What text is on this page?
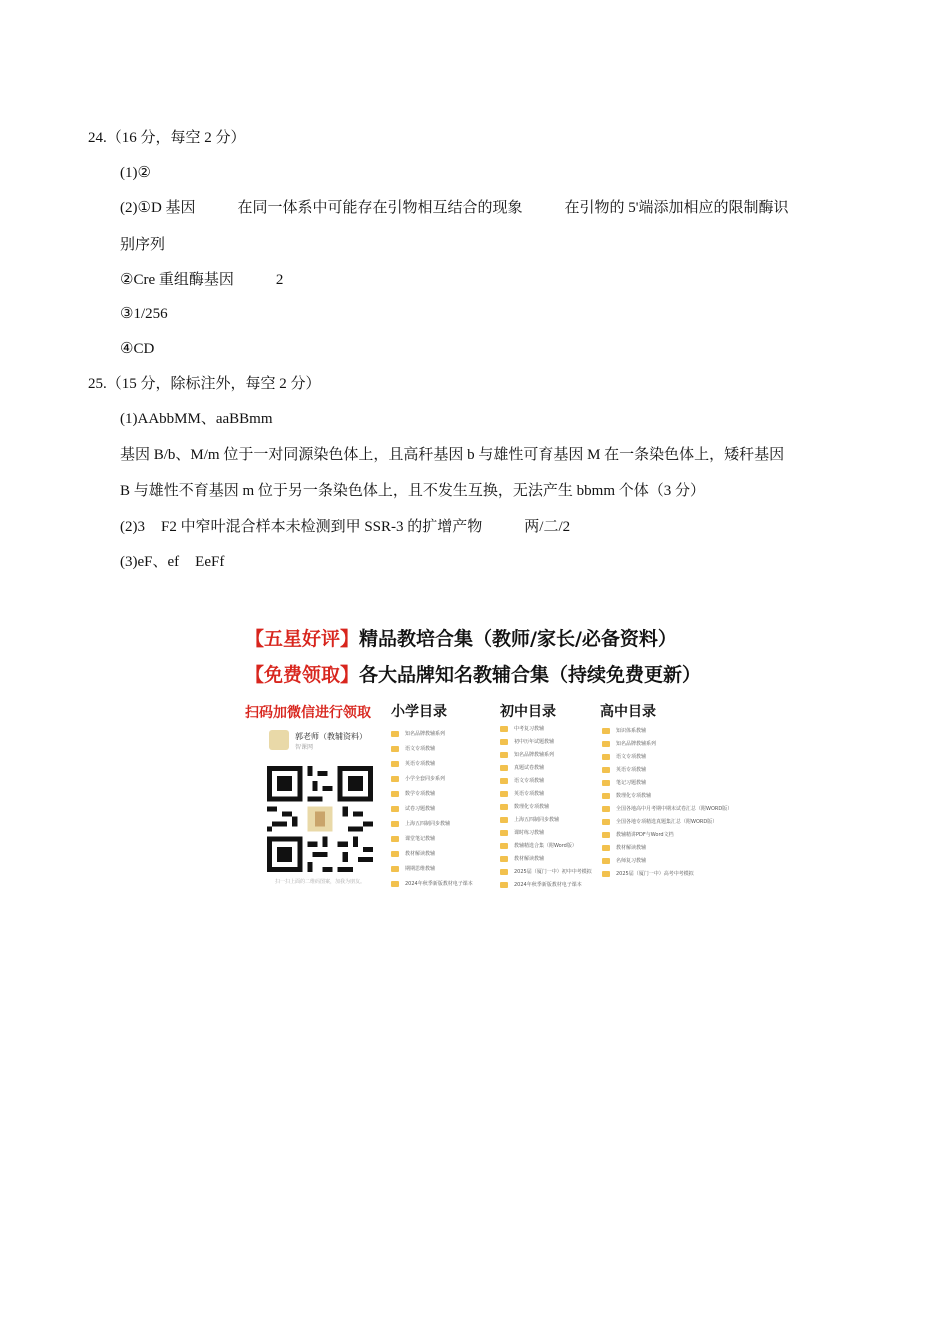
24.（16 分，每空 2 分）
(1)②
(2)①D 基因	在同一体系中可能存在引物相互结合的现象	在引物的 5'端添加相应的限制酶识
别序列
②Cre 重组酶基因	2
③1/256
④CD
25.（15 分，除标注外，每空 2 分）
(1)AAbbMM、aaBBmm
基因 B/b、M/m 位于一对同源染色体上，且高秆基因 b 与雄性可育基因 M 在一条染色体上，矮秆基因
B 与雄性不育基因 m 位于另一条染色体上，且不发生互换，无法产生 bbmm 个体（3 分）
(2)3 F2 中窄叶混合样本未检测到甲 SSR-3 的扩增产物	两/二/2
(3)eF、ef EeFf
【五星好评】精品教培合集（教师/家长/必备资料）
【免费领取】各大品牌知名教辅合集（持续免费更新）
扫码加微信进行领取 小学目录	初中目录	高中目录
郭老师（教辅资料）
智课网
扫一扫上面的二维码图案，加我为朋友。
知名品牌教辅系列
语文专项教辅
英语专项教辅
小学全套同步系列
数学专项教辅
试卷习题教辅
上海五四制同步教辅
课堂笔记教辅
教材解读教辅
期期思维教辅
2024年秋季新版教材电子课本
中考复习教辅
初中历年试题教辅
知名品牌教辅系列
真题试卷教辅
语文专项教辅
英语专项教辅
数理化专项教辅
上海五四制同步教辅
课时练习教辅
教辅精选合集（附Word版）
教材解读教辅
2025届（厦门一中）初中中考模拟
2024年秋季新版教材电子课本
知识体系教辅
知名品牌教辅系列
语文专项教辅
英语专项教辅
笔记习题教辅
数理化专项教辅
全国各地高中月考期中期末试卷汇总（附WORD版）
全国各地专项精选真题集汇总（附WORD版）
教辅精讲PDF与Word文档
教材解读教辅
名师复习教辅
2025届（厦门一中）高考中考模拟
